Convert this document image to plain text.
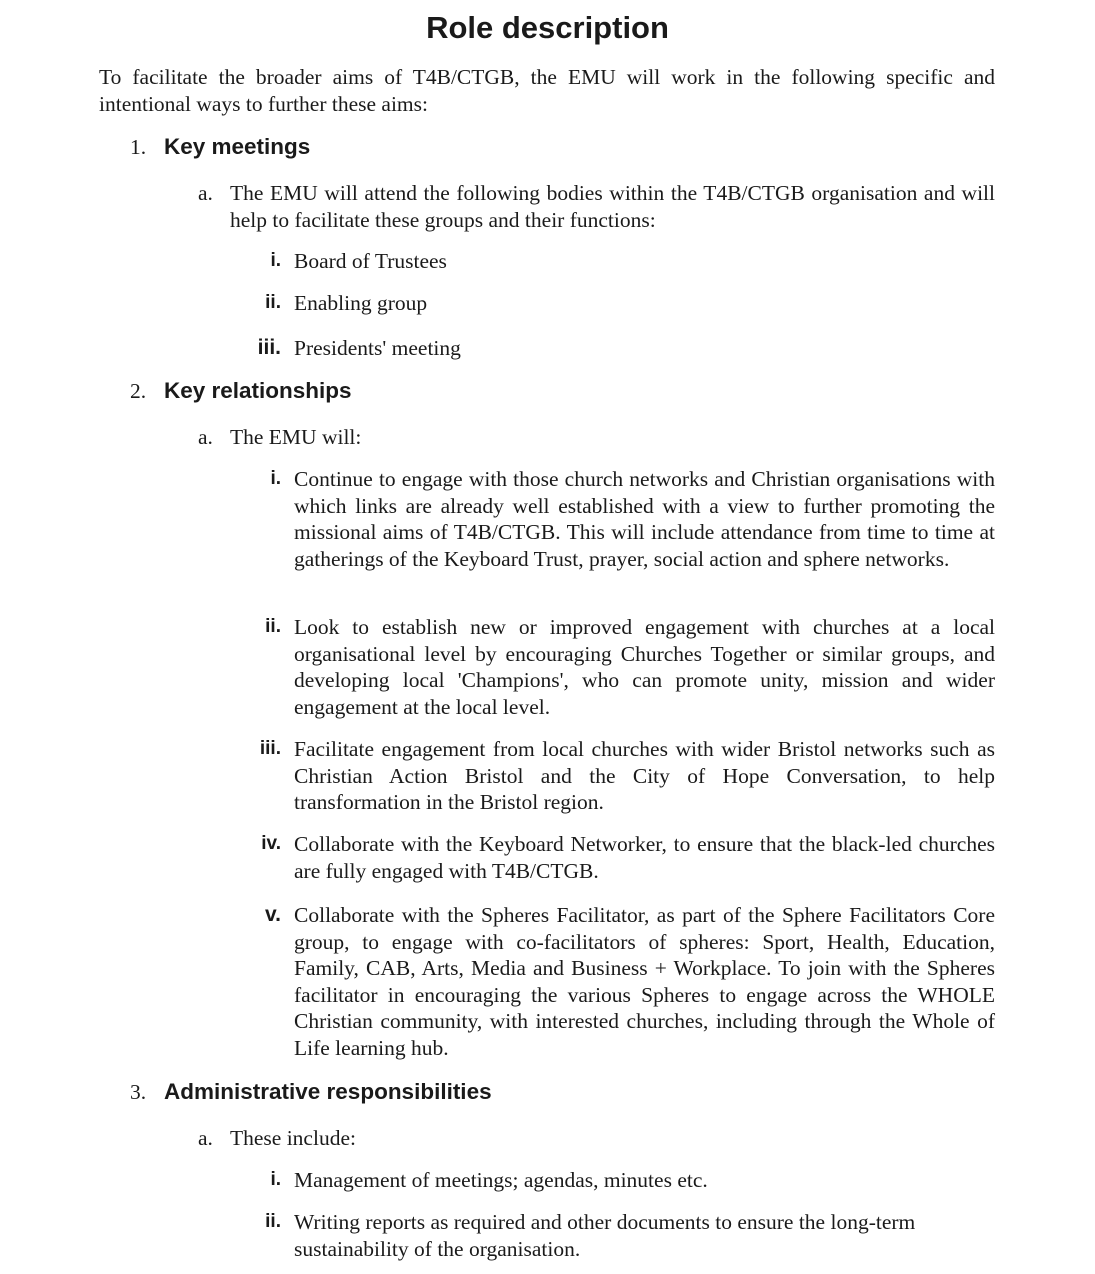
Role description

To facilitate the broader aims of T4B/CTGB, the EMU will work in the following specific and intentional ways to further these aims:

1. Key meetings
a. The EMU will attend the following bodies within the T4B/CTGB organisation and will help to facilitate these groups and their functions:
i. Board of Trustees
ii. Enabling group
iii. Presidents' meeting
2. Key relationships
a. The EMU will:
i. Continue to engage with those church networks and Christian organisations with which links are already well established with a view to further promoting the missional aims of T4B/CTGB. This will include attendance from time to time at gatherings of the Keyboard Trust, prayer, social action and sphere networks.
ii. Look to establish new or improved engagement with churches at a local organisational level by encouraging Churches Together or similar groups, and developing local 'Champions', who can promote unity, mission and wider engagement at the local level.
iii. Facilitate engagement from local churches with wider Bristol networks such as Christian Action Bristol and the City of Hope Conversation, to help transformation in the Bristol region.
iv. Collaborate with the Keyboard Networker, to ensure that the black-led churches are fully engaged with T4B/CTGB.
v. Collaborate with the Spheres Facilitator, as part of the Sphere Facilitators Core group, to engage with co-facilitators of spheres: Sport, Health, Education, Family, CAB, Arts, Media and Business + Workplace. To join with the Spheres facilitator in encouraging the various Spheres to engage across the WHOLE Christian community, with interested churches, including through the Whole of Life learning hub.
3. Administrative responsibilities
a. These include:
i. Management of meetings; agendas, minutes etc.
ii. Writing reports as required and other documents to ensure the long-term sustainability of the organisation.
